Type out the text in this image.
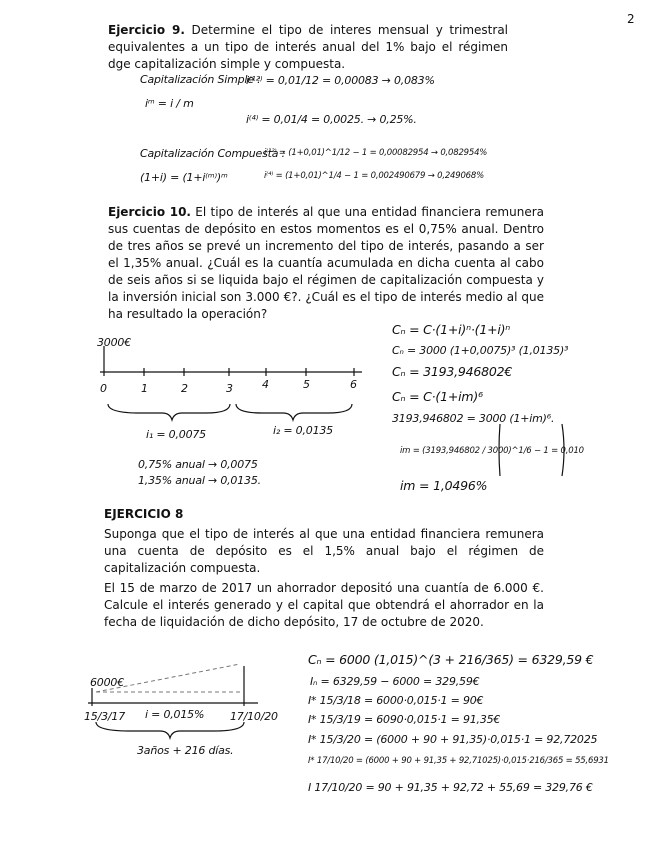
2
Ejercicio 9. Determine el tipo de interes mensual y trimestral equivalentes a un tipo de interés anual del 1% bajo el régimen dge capitalización simple y compuesta.
Capitalización Simple :
iᵐ = i / m
i⁽¹²⁾ = 0,01/12 = 0,00083 → 0,083%
i⁽⁴⁾ = 0,01/4 = 0,0025. → 0,25%.
Capitalización Compuesta :
(1+i) = (1+i⁽ᵐ⁾)ᵐ
i⁽¹²⁾ = (1+0,01)^1/12 − 1 = 0,00082954 → 0,082954%
i⁽⁴⁾ = (1+0,01)^1/4 − 1 = 0,002490679 → 0,249068%
Ejercicio 10. El tipo de interés al que una entidad financiera remunera sus cuentas de depósito en estos momentos es el 0,75% anual. Dentro de tres años se prevé un incremento del tipo de interés, pasando a ser el 1,35% anual. ¿Cuál es la cuantía acumulada en dicha cuenta al cabo de seis años si se liquida bajo el régimen de capitalización compuesta y la inversión inicial son 3.000 €?. ¿Cuál es el tipo de interés medio al que ha resultado la operación?
3000€
0	1	2	3	4	5	6
i₁ = 0,0075	i₂ = 0,0135
0,75% anual → 0,0075
1,35% anual → 0,0135.
Cₙ = C·(1+i)ⁿ·(1+i)ⁿ
Cₙ = 3000 (1+0,0075)³ (1,0135)³
Cₙ = 3193,946802€
Cₙ = C·(1+im)⁶
3193,946802 = 3000 (1+im)⁶.
im = (3193,946802 / 3000)^1/6 − 1 = 0,010
im = 1,0496%
EJERCICIO 8
Suponga que el tipo de interés al que una entidad financiera remunera una cuenta de depósito es el 1,5% anual bajo el régimen de capitalización compuesta.
El 15 de marzo de 2017 un ahorrador depositó una cuantía de 6.000 €. Calcule el interés generado y el capital que obtendrá el ahorrador en la fecha de liquidación de dicho depósito, 17 de octubre de 2020.
6000€
15/3/17 i = 0,015% 17/10/20
3años + 216 días.
Cₙ = 6000 (1,015)^(3 + 216/365) = 6329,59 €
Iₙ = 6329,59 − 6000 = 329,59€
I* 15/3/18 = 6000·0,015·1 = 90€
I* 15/3/19 = 6090·0,015·1 = 91,35€
I* 15/3/20 = (6000 + 90 + 91,35)·0,015·1 = 92,72025
I* 17/10/20 = (6000 + 90 + 91,35 + 92,71025)·0,015·216/365 = 55,6931
I 17/10/20 = 90 + 91,35 + 92,72 + 55,69 = 329,76 €
